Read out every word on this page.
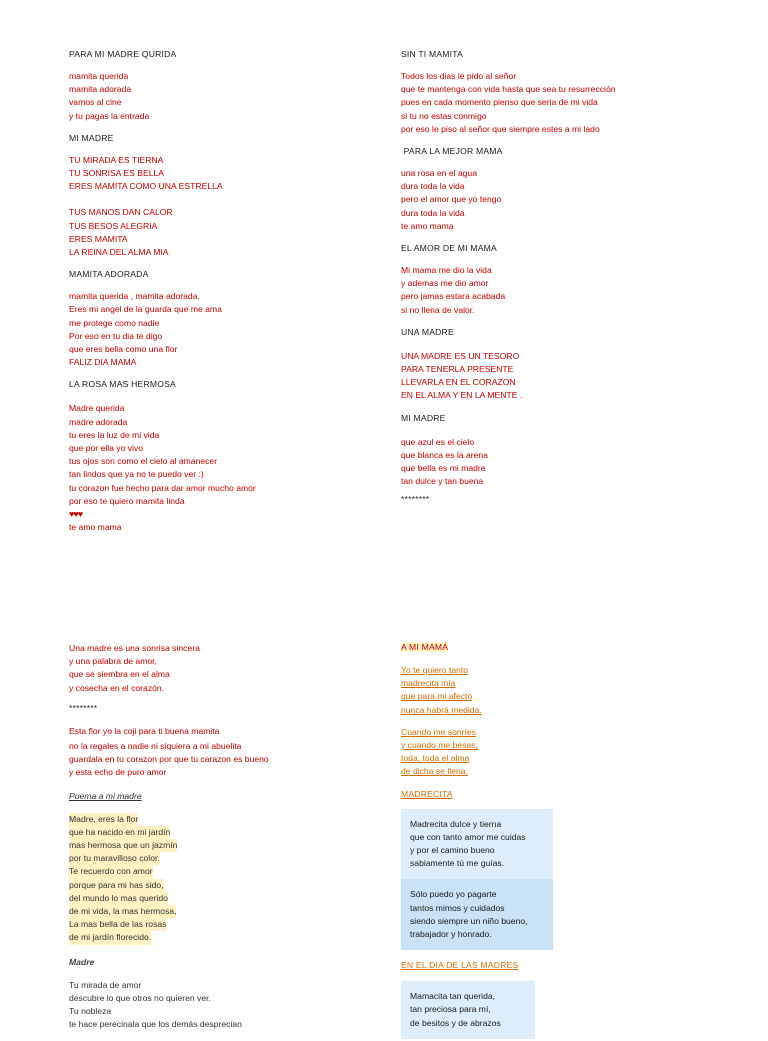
PARA MI MADRE QURIDA
mamita querida
mamita adorada
vamos al cine
y tu pagas la entrada
MI MADRE
TU MIRADA ES TIERNA
TU SONRISA ES BELLA
ERES MAMITA COMO UNA ESTRELLA
TUS MANOS DAN CALOR
TUS BESOS ALEGRIA
ERES MAMITA
LA REINA DEL ALMA MIA
MAMITA ADORADA
mamita querida , mamita adorada.
Eres mi angel de la guarda que me ama
me protege como nadie
Por eso en tu dia te digo
que eres bella como una flor
FALIZ DIA MAMA
LA ROSA MAS HERMOSA
Madre querida
madre adorada
tu eres la luz de mi vida
que por ella yo vivo
tus ojos son como el cielo al amanecer
tan lindos que ya no te puedo ver :)
tu corazon fue hecho para dar amor mucho amor
por eso te quiero mamita linda
♥♥♥
te amo mama
SIN TI MAMITA
Todos los dias le pido al señor
que te mantenga con vida hasta que sea tu resurrección
pues en cada momento pienso que seria de mi vida
si tu no estas conmigo
por eso le piso al señor que siempre estes a mi lado
PARA LA MEJOR MAMA
una rosa en el agua
dura toda la vida
pero el amor que yo tengo
dura toda la vida
te amo mama
EL AMOR DE MI MAMA
Mi mama me dio la vida
y ademas me dio amor
pero jamas estara acabada
si no llena de valor.
UNA MADRE
UNA MADRE ES UN TESORO
PARA TENERLA PRESENTE
LLEVARLA EN EL CORAZON
EN EL ALMA Y EN LA MENTE .
MI MADRE
que azul es el cielo
que blanca es la arena
que bella es mi madre
tan dulce y tan buena
********
Una madre es una sonrisa sincera
y una palabra de amor,
que se siembra en el alma
y cosecha en el corazón.
********
Esta flor yo la coji para ti buena mamita
no la regales a nadie ni siquiera a mi abuelita
guardala en tu corazon por que tu carazon es bueno
y esta echo de puro amor
Poema a mi madre
Madre, eres la flor
que ha nacido en mi jardín
mas hermosa que un jazmín
por tu maravilloso color.
Te recuerdo con amor
porque para mi has sido,
del mundo lo mas querido
de mi vida, la mas hermosa,
La mas bella de las rosas
de mi jardín florecido.
Madre
Tu mirada de amor
descubre lo que otros no quieren ver.
Tu nobleza
te hace perecinala que los demás desprecian
A MI MAMÁ
Yo te quiero tanto
madrecita mía
que para mi afecto
nunca habrá medida.
Cuando me sonríes
y cuando me besas,
toda, toda el alma
de dicha se llena.
MADRECITA
Madrecita dulce y tierna
que con tanto amor me cuidas
y por el camino bueno
sabiamente tú me guías.
Sólo puedo yo pagarte
tantos mimos y cuidados
siendo siempre un niño bueno,
trabajador y honrado.
EN EL DIA DE LAS MADRES
Mamacita tan querida,
tan preciosa para mí,
de besitos y de abrazos
